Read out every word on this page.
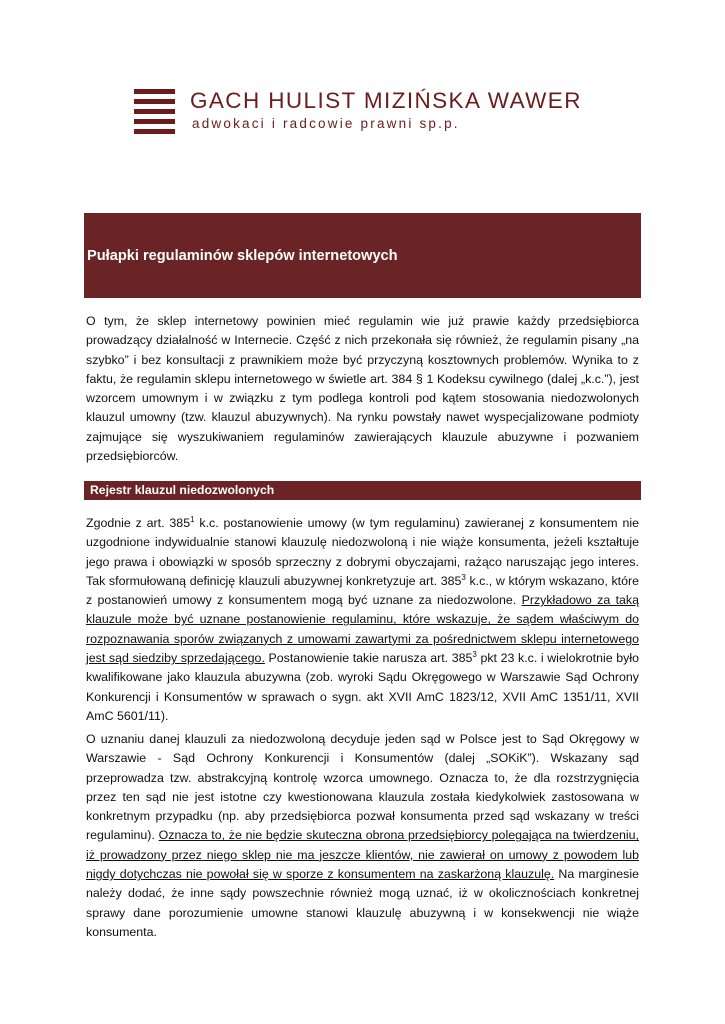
GACH HULIST MIZIŃSKA WAWER
adwokaci i radcowie prawni sp.p.
Pułapki regulaminów sklepów internetowych

O tym, że sklep internetowy powinien mieć regulamin wie już prawie każdy przedsiębiorca prowadzący działalność w Internecie. Część z nich przekonała się również, że regulamin pisany „na szybko” i bez konsultacji z prawnikiem może być przyczyną kosztownych problemów. Wynika to z faktu, że regulamin sklepu internetowego w świetle art. 384 § 1 Kodeksu cywilnego (dalej „k.c.”), jest wzorcem umownym i w związku z tym podlega kontroli pod kątem stosowania niedozwolonych klauzul umowny (tzw. klauzul abuzywnych). Na rynku powstały nawet wyspecjalizowane podmioty zajmujące się wyszukiwaniem regulaminów zawierających klauzule abuzywne i pozwaniem przedsiębiorców.

Rejestr klauzul niedozwolonych

Zgodnie z art. $385^1$ k.c. postanowienie umowy (w tym regulaminu) zawieranej z konsumentem nie uzgodnione indywidualnie stanowi klauzulę niedozwoloną i nie wiąże konsumenta, jeżeli kształtuje jego prawa i obowiązki w sposób sprzeczny z dobrymi obyczajami, rażąco naruszając jego interes. Tak sformułowaną definicję klauzuli abuzywnej konkretyzuje art. $385^3$ k.c., w którym wskazano, które z postanowień umowy z konsumentem mogą być uznane za niedozwolone. Przykładowo za taką klauzule może być uznane postanowienie regulaminu, które wskazuje, że sądem właściwym do rozpoznawania sporów związanych z umowami zawartymi za pośrednictwem sklepu internetowego jest sąd siedziby sprzedającego. Postanowienie takie narusza art. $385^3$ pkt 23 k.c. i wielokrotnie było kwalifikowane jako klauzula abuzywna (zob. wyroki Sądu Okręgowego w Warszawie Sąd Ochrony Konkurencji i Konsumentów w sprawach o sygn. akt XVII AmC 1823/12, XVII AmC 1351/11, XVII AmC 5601/11).

O uznaniu danej klauzuli za niedozwoloną decyduje jeden sąd w Polsce jest to Sąd Okręgowy w Warszawie - Sąd Ochrony Konkurencji i Konsumentów (dalej „SOKiK”). Wskazany sąd przeprowadza tzw. abstrakcyjną kontrolę wzorca umownego. Oznacza to, że dla rozstrzygnięcia przez ten sąd nie jest istotne czy kwestionowana klauzula została kiedykolwiek zastosowana w konkretnym przypadku (np. aby przedsiębiorca pozwał konsumenta przed sąd wskazany w treści regulaminu). Oznacza to, że nie będzie skuteczna obrona przedsiębiorcy polegająca na twierdzeniu, iż prowadzony przez niego sklep nie ma jeszcze klientów, nie zawierał on umowy z powodem lub nigdy dotychczas nie powołał się w sporze z konsumentem na zaskarżoną klauzulę. Na marginesie należy dodać, że inne sądy powszechnie również mogą uznać, iż w okolicznościach konkretnej sprawy dane porozumienie umowne stanowi klauzulę abuzywną i w konsekwencji nie wiąże konsumenta.
